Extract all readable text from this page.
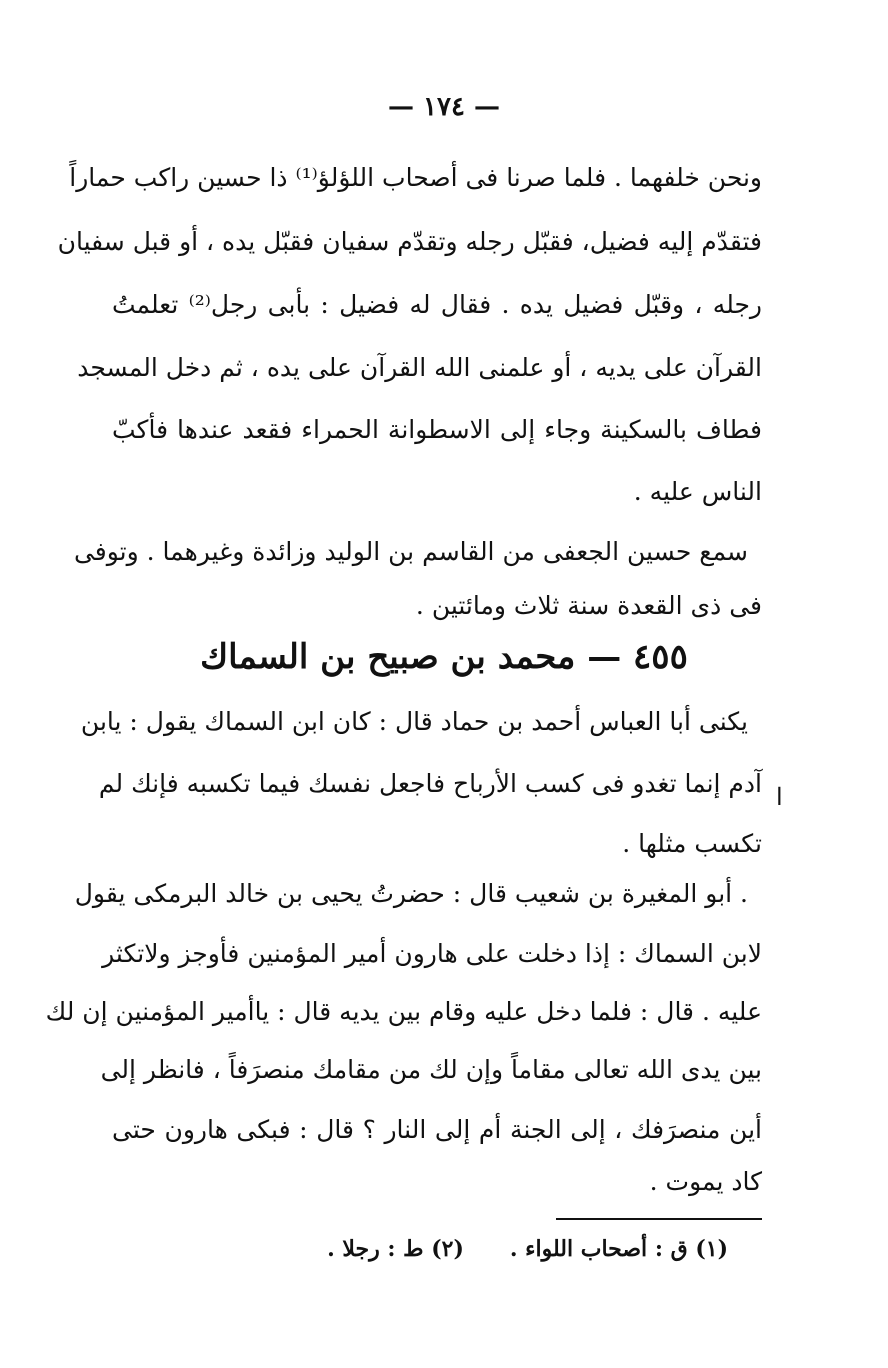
— ١٧٤ —
ونحن خلفهما . فلما صرنا فى أصحاب اللؤلؤ⁽¹⁾ ذا حسين راكب حماراً
فتقدّم إليه فضيل، فقبّل رجله وتقدّم سفيان فقبّل يده ، أو قبل سفيان
رجله ، وقبّل فضيل يده . فقال له فضيل : بأبى رجل⁽²⁾ تعلمتُ
القرآن على يديه ، أو علمنى الله القرآن على يده ، ثم دخل المسجد
فطاف بالسكينة وجاء إلى الاسطوانة الحمراء فقعد عندها فأكبّ
الناس عليه .
سمع حسين الجعفى من القاسم بن الوليد وزائدة وغيرهما . وتوفى
فى ذى القعدة سنة ثلاث ومائتين .
٤٥٥ — محمد بن صبيح بن السماك
يكنى أبا العباس أحمد بن حماد قال : كان ابن السماك يقول : يابن
آدم إنما تغدو فى كسب الأرباح فاجعل نفسك فيما تكسبه فإنك لم
تكسب مثلها .
ا
. أبو المغيرة بن شعيب قال : حضرتُ يحيى بن خالد البرمكى يقول
لابن السماك : إذا دخلت على هارون أمير المؤمنين فأوجز ولاتكثر
عليه . قال : فلما دخل عليه وقام بين يديه قال : ياأمير المؤمنين إن لك
بين يدى الله تعالى مقاماً وإن لك من مقامك منصرَفاً ، فانظر إلى
أين منصرَفك ، إلى الجنة أم إلى النار ؟ قال : فبكى هارون حتى
كاد يموت .
(١) ق : أصحاب اللواء .(٢) ط : رجلا .
